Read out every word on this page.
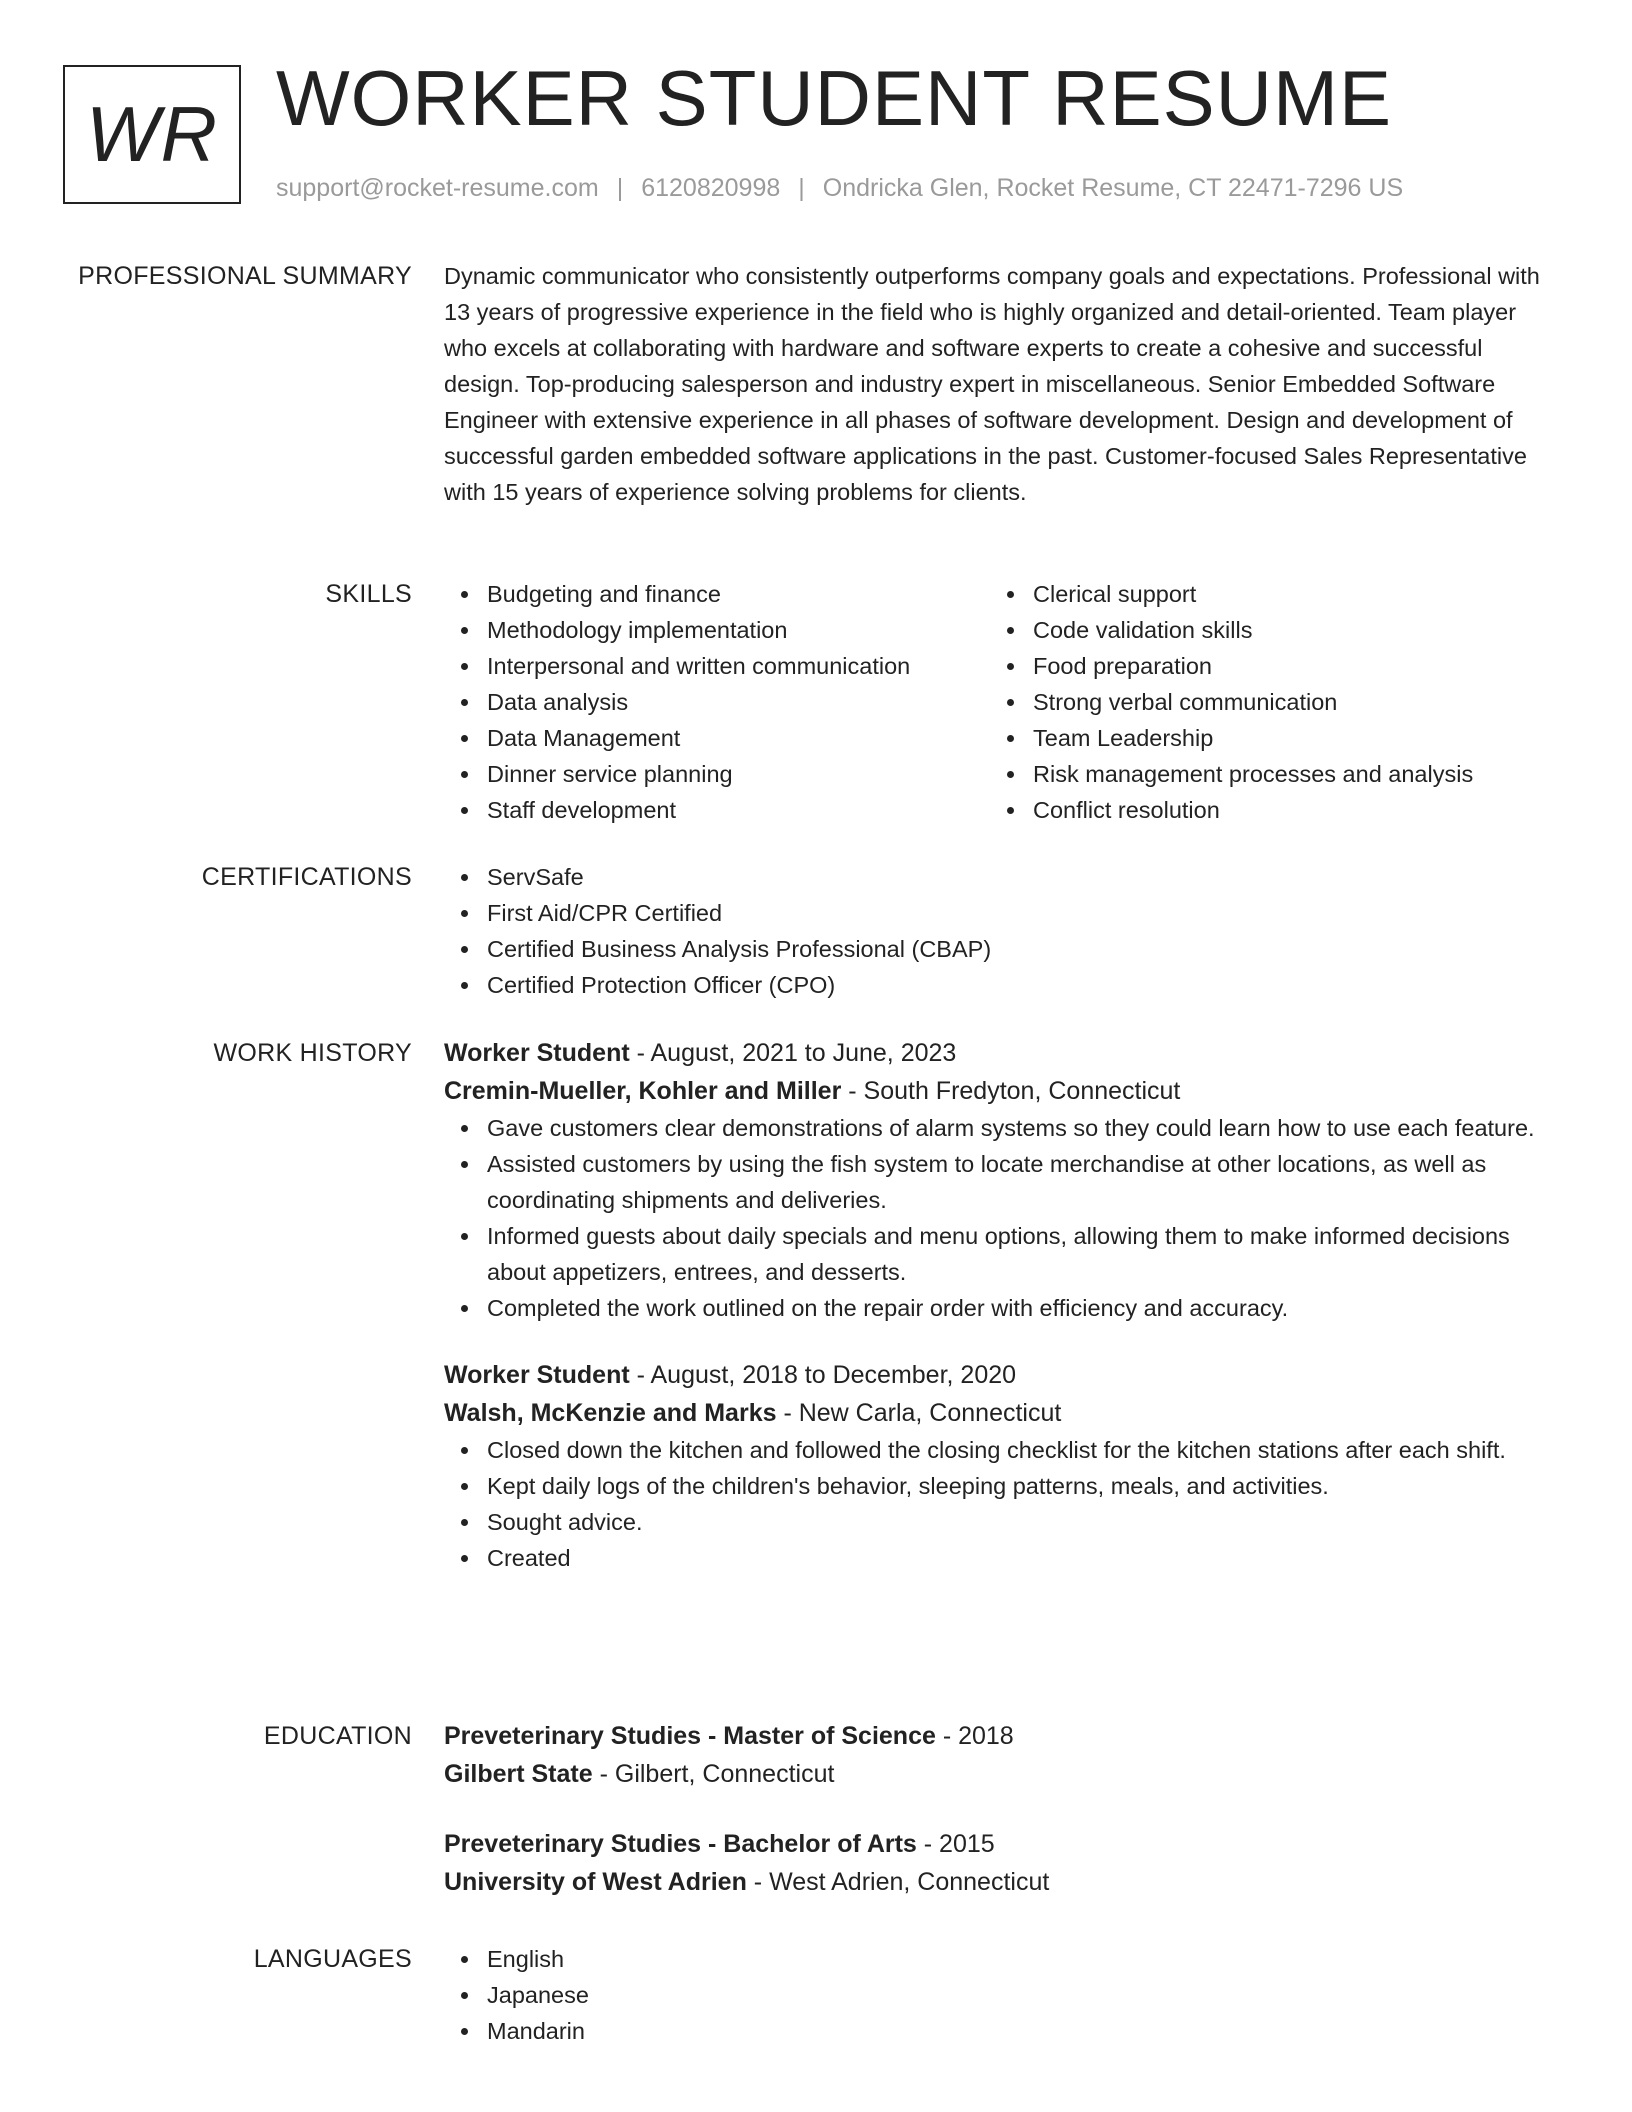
WR WORKER STUDENT RESUME
support@rocket-resume.com | 6120820998 | Ondricka Glen, Rocket Resume, CT 22471-7296 US
PROFESSIONAL SUMMARY Dynamic communicator who consistently outperforms company goals and expectations. Professional with 13 years of progressive experience in the field who is highly organized and detail-oriented. Team player who excels at collaborating with hardware and software experts to create a cohesive and successful design. Top-producing salesperson and industry expert in miscellaneous. Senior Embedded Software Engineer with extensive experience in all phases of software development. Design and development of successful garden embedded software applications in the past. Customer-focused Sales Representative with 15 years of experience solving problems for clients.

SKILLS	Budgeting and finance
Methodology implementation
Interpersonal and written communication
Data analysis
Data Management
Dinner service planning
Staff development
Clerical support
Code validation skills
Food preparation
Strong verbal communication
Team Leadership
Risk management processes and analysis
Conflict resolution
CERTIFICATIONS	ServSafe
First Aid/CPR Certified
Certified Business Analysis Professional (CBAP)
Certified Protection Officer (CPO)
WORK HISTORY Worker Student - August, 2021 to June, 2023
Cremin-Mueller, Kohler and Miller - South Fredyton, Connecticut
Gave customers clear demonstrations of alarm systems so they could learn how to use each feature.
Assisted customers by using the fish system to locate merchandise at other locations, as well as coordinating shipments and deliveries.
Informed guests about daily specials and menu options, allowing them to make informed decisions about appetizers, entrees, and desserts.
Completed the work outlined on the repair order with efficiency and accuracy.
Worker Student - August, 2018 to December, 2020
Walsh, McKenzie and Marks - New Carla, Connecticut
Closed down the kitchen and followed the closing checklist for the kitchen stations after each shift.
Kept daily logs of the children's behavior, sleeping patterns, meals, and activities.
Sought advice.
Created
EDUCATION Preveterinary Studies - Master of Science - 2018
Gilbert State - Gilbert, Connecticut
Preveterinary Studies - Bachelor of Arts - 2015
University of West Adrien - West Adrien, Connecticut
LANGUAGES	English
Japanese
Mandarin
